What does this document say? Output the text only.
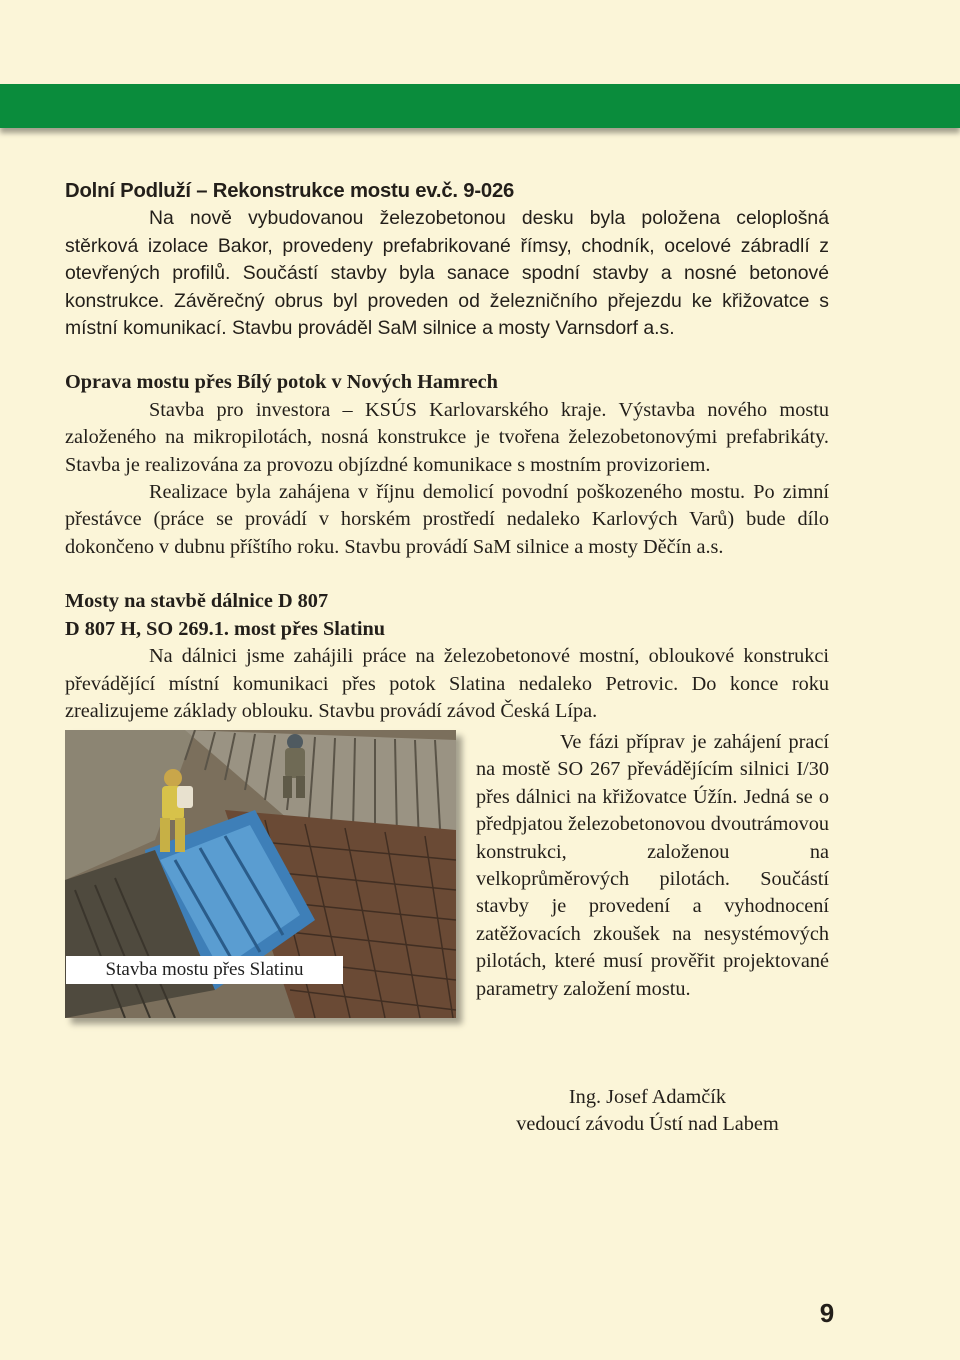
Dolní Podluží – Rekonstrukce mostu ev.č. 9-026

Na nově vybudovanou železobetonou desku byla položena celoplošná stěrková izolace Bakor, provedeny prefabrikované římsy, chodník, ocelové zábradlí z otevřených profilů. Součástí stavby byla sanace spodní stavby a nosné betonové konstrukce. Závěrečný obrus byl proveden od železničního přejezdu ke křižovatce s místní komunikací. Stavbu prováděl SaM silnice a mosty Varnsdorf a.s.

Oprava mostu přes Bílý potok v Nových Hamrech

Stavba pro investora – KSÚS Karlovarského kraje. Výstavba nového mostu založeného na mikropilotách, nosná konstrukce je tvořena železobetonovými prefabrikáty. Stavba je realizována za provozu objízdné komunikace s mostním provizoriem.

Realizace byla zahájena v říjnu demolicí povodní poškozeného mostu. Po zimní přestávce (práce se provádí v horském prostředí nedaleko Karlových Varů) bude dílo dokončeno v dubnu příštího roku. Stavbu provádí SaM silnice a mosty Děčín a.s.

Mosty na stavbě dálnice D 807
D 807 H, SO 269.1. most přes Slatinu

Na dálnici jsme zahájili práce na železobetonové mostní, obloukové konstrukci převádějící místní komunikaci přes potok Slatina nedaleko Petrovic. Do konce roku zrealizujeme základy oblouku. Stavbu provádí závod Česká Lípa.

Stavba mostu přes Slatinu

Ve fázi příprav je zahájení prací na mostě SO 267 převádějícím silnici I/30 přes dálnici na křižovatce Úžín. Jedná se o předpjatou železobetonovou dvoutrámovou konstrukci, založenou na velkoprůměrových pilotách. Součástí stavby je provedení a vyhodnocení zatěžovacích zkoušek na nesystémových pilotách, které musí prověřit projektované parametry založení mostu.

Ing. Josef Adamčík
vedoucí závodu Ústí nad Labem
9
